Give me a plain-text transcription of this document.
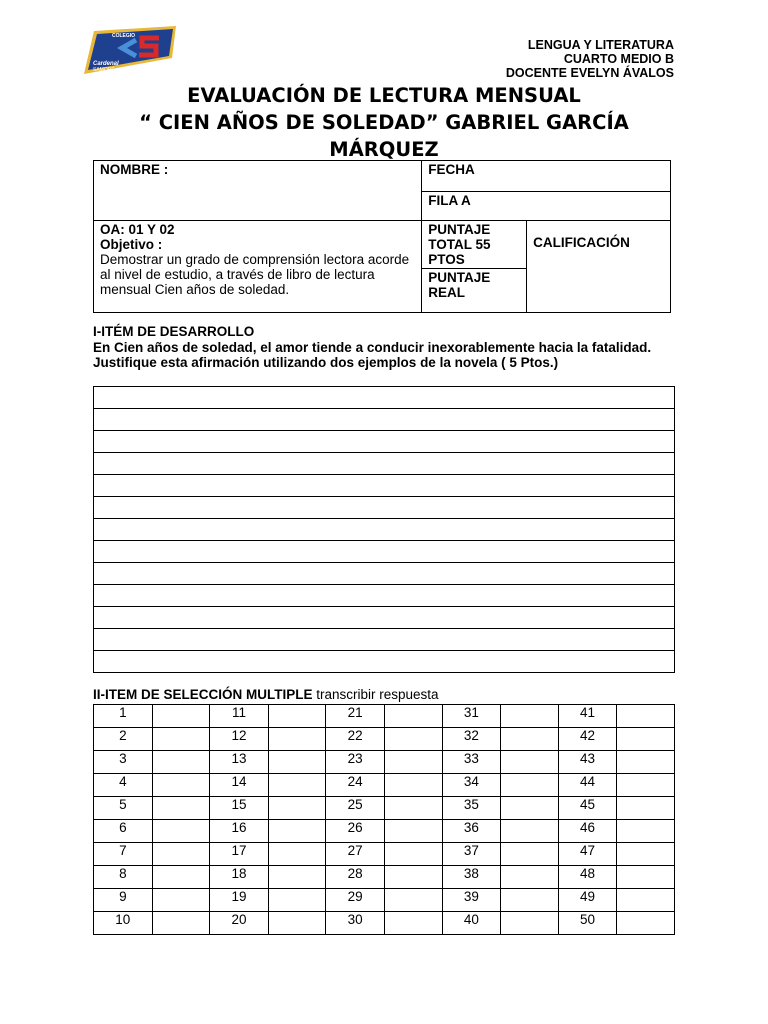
COLEGIO
Cardenal
SAMORÉ
LENGUA Y LITERATURA
CUARTO MEDIO B
DOCENTE EVELYN ÁVALOS
EVALUACIÓN DE LECTURA MENSUAL
“ CIEN AÑOS DE SOLEDAD” GABRIEL GARCÍA
MÁRQUEZ
NOMBRE :	FECHA	
	FILA A	

OA: 01 Y 02
Objetivo :
Demostrar un grado de comprensión lectora acorde al nivel de estudio, a través de libro de lectura mensual Cien años de soledad.	PUNTAJE TOTAL 55 PTOS	CALIFICACIÓN
	PUNTAJE REAL	
I-ITÉM DE DESARROLLO
En Cien años de soledad, el amor tiende a conducir inexorablemente hacia la fatalidad. Justifique esta afirmación utilizando dos ejemplos de la novela ( 5 Ptos.)

II-ITEM DE SELECCIÓN MULTIPLE transcribir respuesta
1		11		21		31		41	
2		12		22		32		42	
3		13		23		33		43	
4		14		24		34		44	
5		15		25		35		45	
6		16		26		36		46	
7		17		27		37		47	
8		18		28		38		48	
9		19		29		39		49	
10		20		30		40		50	
